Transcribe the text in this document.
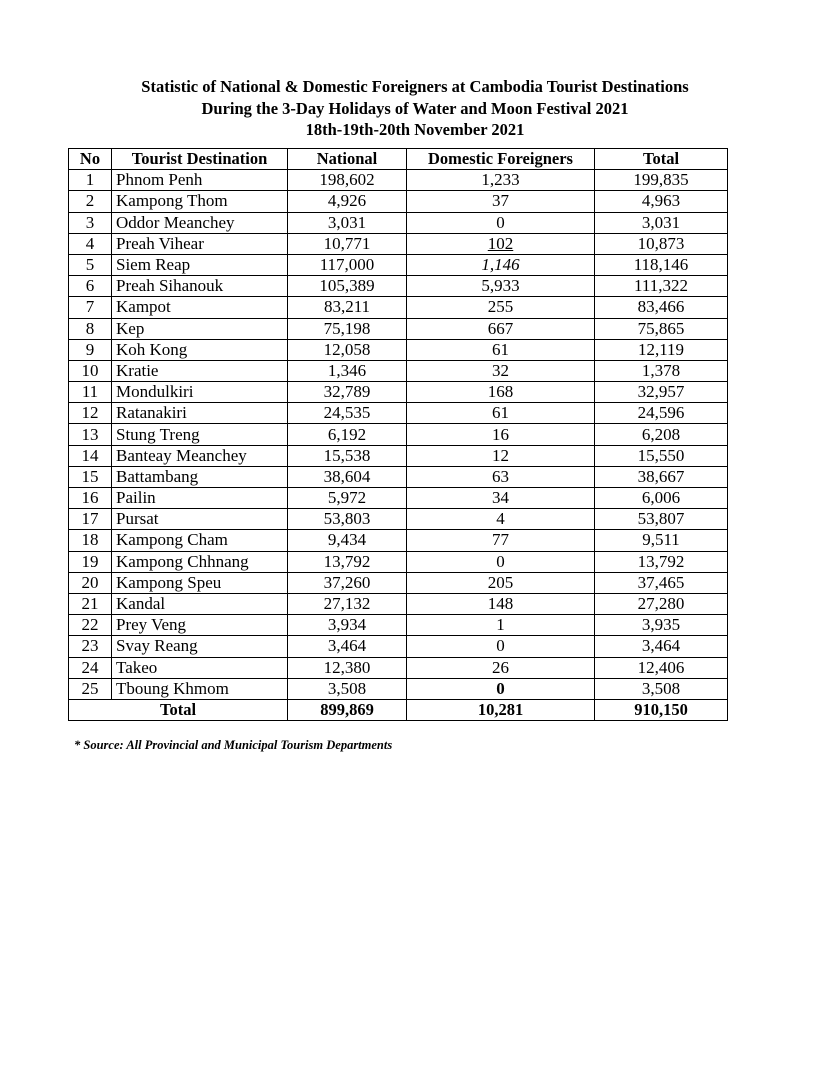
Statistic of National & Domestic Foreigners at Cambodia Tourist Destinations
During the 3-Day Holidays of Water and Moon Festival 2021
18th-19th-20th November 2021
No	Tourist Destination	National	Domestic Foreigners	Total
1	Phnom Penh	198,602	1,233	199,835
2	Kampong Thom	4,926	37	4,963
3	Oddor Meanchey	3,031	0	3,031
4	Preah Vihear	10,771	102	10,873
5	Siem Reap	117,000	1,146	118,146
6	Preah Sihanouk	105,389	5,933	111,322
7	Kampot	83,211	255	83,466
8	Kep	75,198	667	75,865
9	Koh Kong	12,058	61	12,119
10	Kratie	1,346	32	1,378
11	Mondulkiri	32,789	168	32,957
12	Ratanakiri	24,535	61	24,596
13	Stung Treng	6,192	16	6,208
14	Banteay Meanchey	15,538	12	15,550
15	Battambang	38,604	63	38,667
16	Pailin	5,972	34	6,006
17	Pursat	53,803	4	53,807
18	Kampong Cham	9,434	77	9,511
19	Kampong Chhnang	13,792	0	13,792
20	Kampong Speu	37,260	205	37,465
21	Kandal	27,132	148	27,280
22	Prey Veng	3,934	1	3,935
23	Svay Reang	3,464	0	3,464
24	Takeo	12,380	26	12,406
25	Tboung Khmom	3,508	0	3,508
Total		899,869	10,281	910,150
* Source: All Provincial and Municipal Tourism Departments
